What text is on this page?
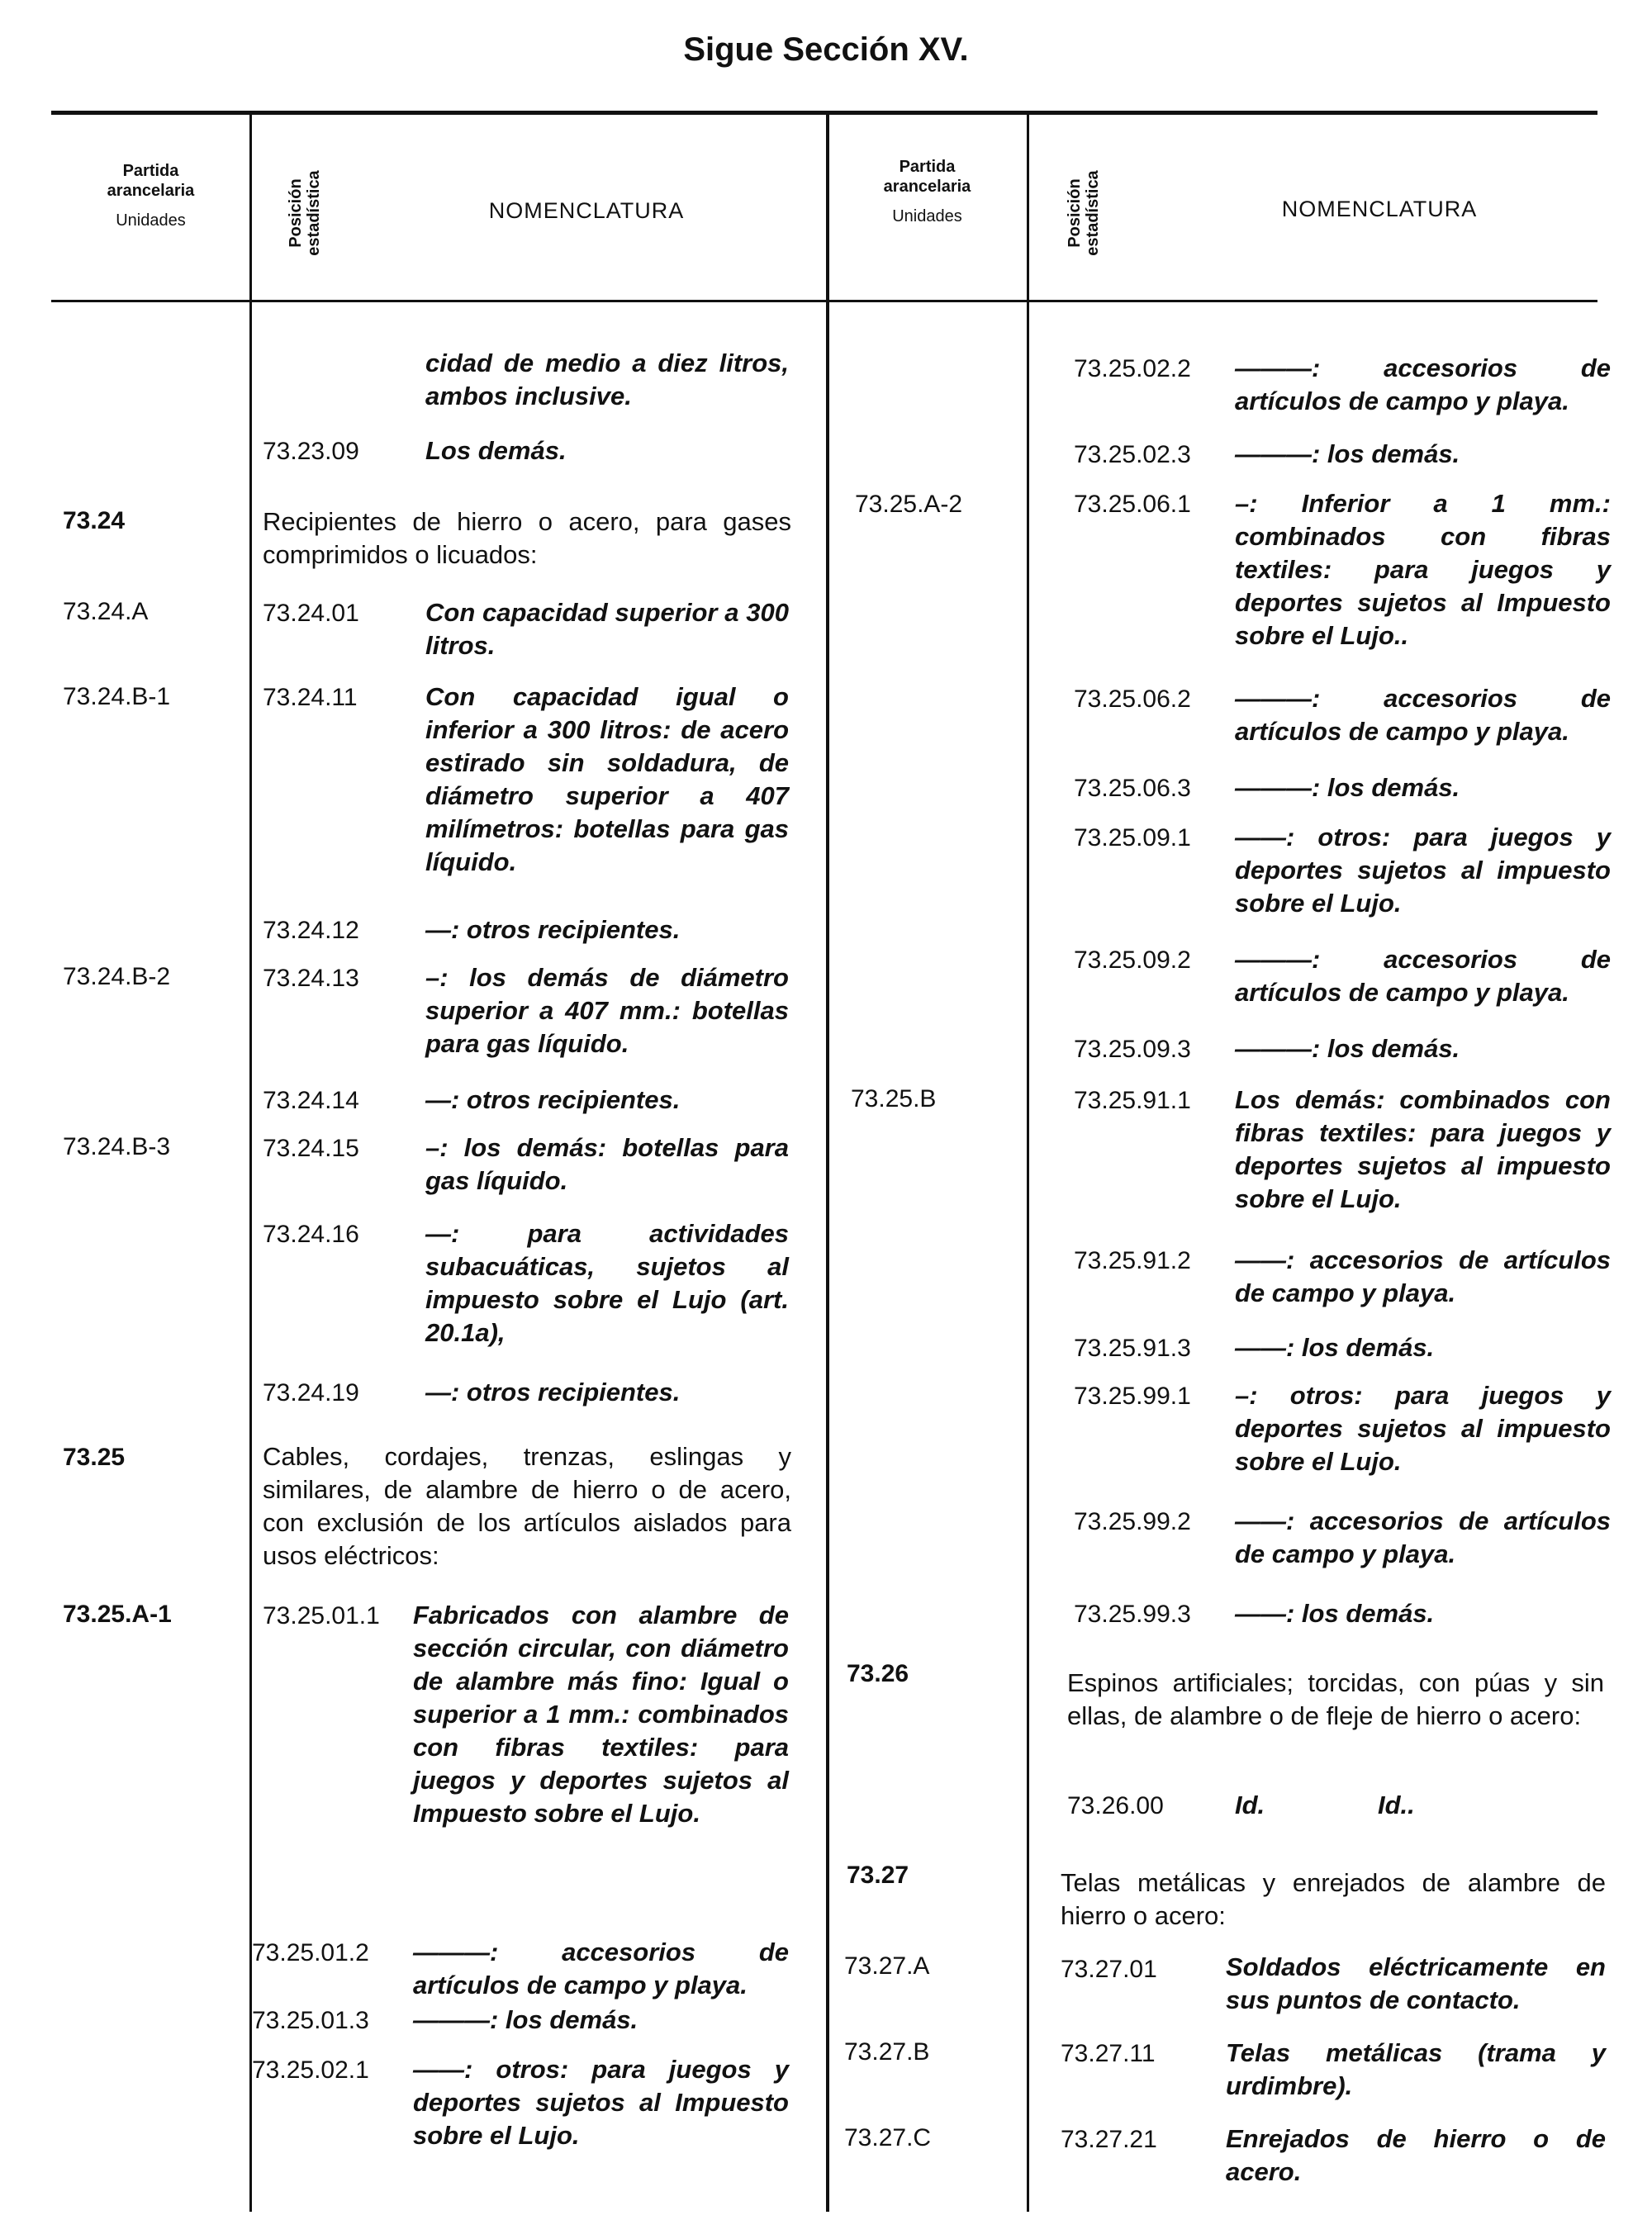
Sigue Sección XV.
Partida
arancelaria
Unidades	Posición estadística	NOMENCLATURA
Partida
arancelaria
Unidades	Posición estadística	NOMENCLATURA
cidad de medio a diez litros, ambos inclusive.
73.23.09	Los demás.
73.24	Recipientes de hierro o acero, para gases comprimidos o licuados:
73.24.A	73.24.01	Con capacidad superior a 300 litros.
73.24.B-1	73.24.11	Con capacidad igual o inferior a 300 litros: de acero estirado sin soldadura, de diámetro superior a 407 milímetros: botellas para gas líquido.
73.24.12	—: otros recipientes.
73.24.B-2	73.24.13	–: los demás de diámetro superior a 407 mm.: botellas para gas líquido.
73.24.14	—: otros recipientes.
73.24.B-3	73.24.15	–: los demás: botellas para gas líquido.
73.24.16	—: para actividades subacuáticas, sujetos al impuesto sobre el Lujo (art. 20.1a),
73.24.19	—: otros recipientes.
73.25	Cables, cordajes, trenzas, eslingas y similares, de alambre de hierro o de acero, con exclusión de los artículos aislados para usos eléctricos:
73.25.A-1	73.25.01.1 Fabricados con alambre de sección circular, con diámetro de alambre más fino: Igual o superior a 1 mm.: combinados con fibras textiles: para juegos y deportes sujetos al Impuesto sobre el Lujo.
73.25.01.2 ———: accesorios de artículos de campo y playa.
73.25.01.3 ———: los demás.
73.25.02.1 ——: otros: para juegos y deportes sujetos al Impuesto sobre el Lujo.
73.25.02.2 ———: accesorios de artículos de campo y playa.
73.25.02.3 ———: los demás.
73.25.A-2	73.25.06.1 –: Inferior a 1 mm.: combinados con fibras textiles: para juegos y deportes sujetos al Impuesto sobre el Lujo..
73.25.06.2 ———: accesorios de artículos de campo y playa.
73.25.06.3 ———: los demás.
73.25.09.1 ——: otros: para juegos y deportes sujetos al impuesto sobre el Lujo.
73.25.09.2 ———: accesorios de artículos de campo y playa.
73.25.09.3 ———: los demás.
73.25.B	73.25.91.1 Los demás: combinados con fibras textiles: para juegos y deportes sujetos al impuesto sobre el Lujo.
73.25.91.2 ——: accesorios de artículos de campo y playa.
73.25.91.3 ——: los demás.
73.25.99.1 –: otros: para juegos y deportes sujetos al impuesto sobre el Lujo.
73.25.99.2 ——: accesorios de artículos de campo y playa.
73.25.99.3 ——: los demás.
73.26	Espinos artificiales; torcidas, con púas y sin ellas, de alambre o de fleje de hierro o acero:
73.26.00	Id.	Id..
73.27	Telas metálicas y enrejados de alambre de hierro o acero:
73.27.A	73.27.01	Soldados eléctricamente en sus puntos de contacto.
73.27.B	73.27.11	Telas metálicas (trama y urdimbre).
73.27.C	73.27.21	Enrejados de hierro o de acero.
